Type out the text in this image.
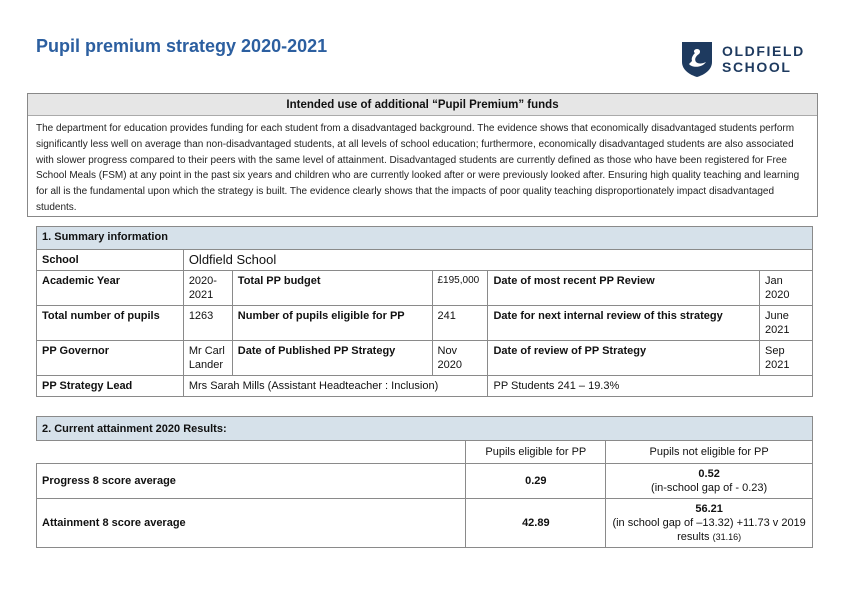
Pupil premium strategy 2020-2021	OLDFIELD
SCHOOL
Intended use of additional “Pupil Premium” funds
The department for education provides funding for each student from a disadvantaged background. The evidence shows that economically disadvantaged students perform significantly less well on average than non-disadvantaged students, at all levels of school education; furthermore, economically disadvantaged students are also associated with slower progress compared to their peers with the same level of attainment. Disadvantaged students are currently defined as those who have been registered for Free School Meals (FSM) at any point in the past six years and children who are currently looked after or were previously looked after. Ensuring high quality teaching and learning for all is the fundamental upon which the strategy is built. The evidence clearly shows that the impacts of poor quality teaching disproportionately impact disadvantaged students.
1. Summary information					
School	Oldfield School				
Academic Year	2020-2021	Total PP budget	£195,000	Date of most recent PP Review	Jan 2020
Total number of pupils	1263	Number of pupils eligible for PP	241	Date for next internal review of this strategy	June 2021
PP Governor	Mr Carl Lander	Date of Published PP Strategy	Nov 2020	Date of review of PP Strategy	Sep 2021
PP Strategy Lead	Mrs Sarah Mills (Assistant Headteacher : Inclusion)			PP Students 241 – 19.3%	
2. Current attainment 2020 Results:		
	Pupils eligible for PP	Pupils not eligible for PP
Progress 8 score average	0.29	0.52
(in-school gap of - 0.23)

Attainment 8 score average	42.89	56.21
(in school gap of –13.32) +11.73 v 2019 results (31.16)
